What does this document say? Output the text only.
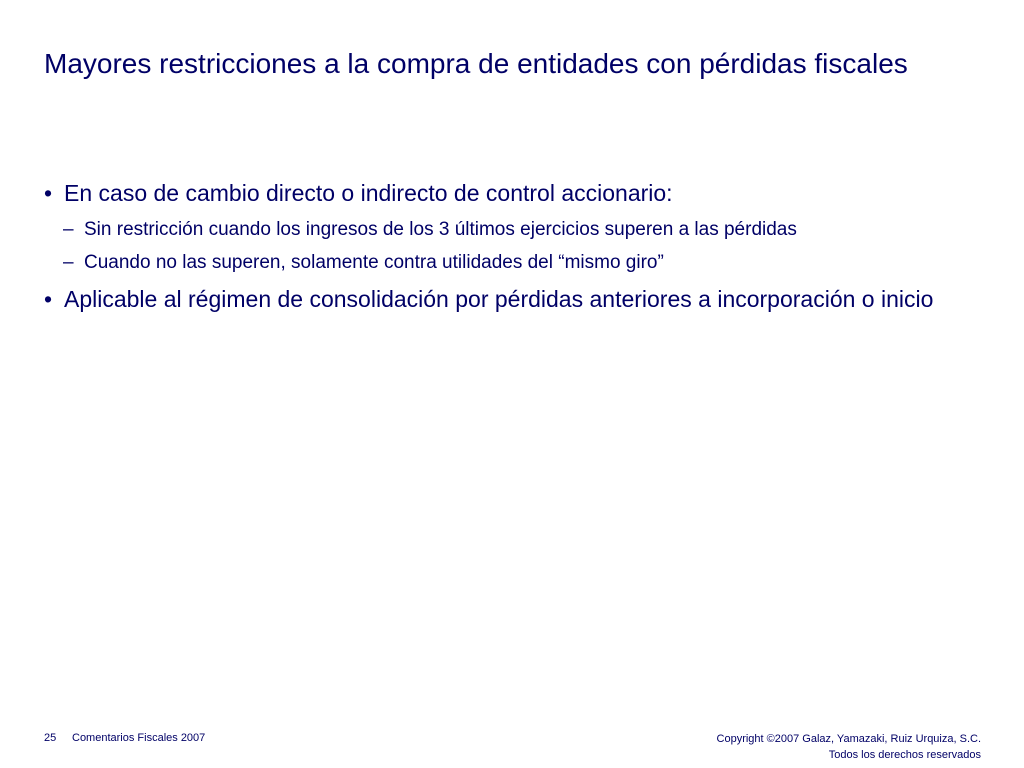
Mayores restricciones a la compra de entidades con pérdidas fiscales
• En caso de cambio directo o indirecto de control accionario:
– Sin restricción cuando los ingresos de los 3 últimos ejercicios superen a las pérdidas
– Cuando no las superen, solamente contra utilidades del “mismo giro”
• Aplicable al régimen de consolidación por pérdidas anteriores a incorporación o inicio
25 Comentarios Fiscales 2007	Copyright ©2007 Galaz, Yamazaki, Ruiz Urquiza, S.C.
Todos los derechos reservados
